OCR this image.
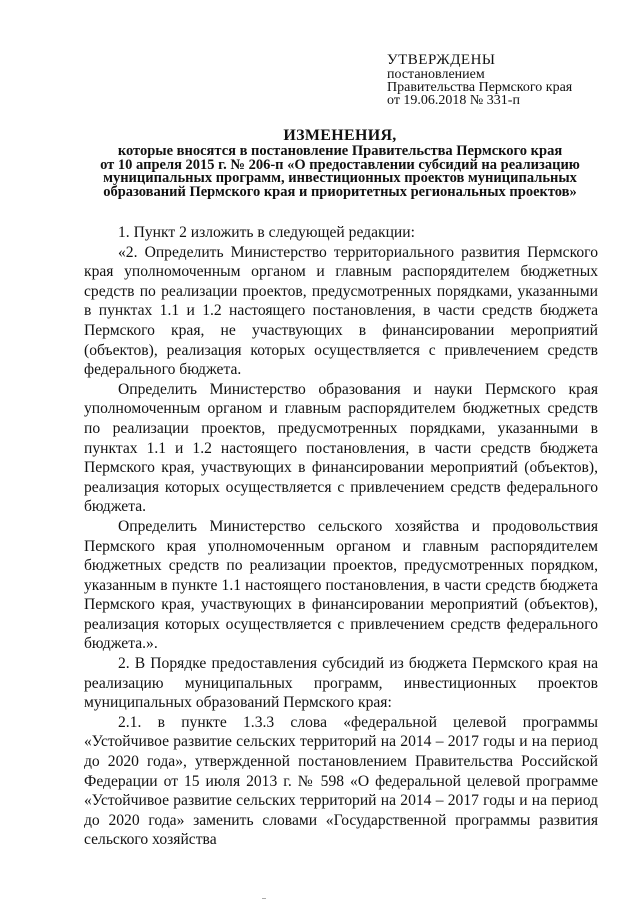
УТВЕРЖДЕНЫ
постановлением
Правительства Пермского края
от 19.06.2018 № 331-п
ИЗМЕНЕНИЯ,
которые вносятся в постановление Правительства Пермского края
от 10 апреля 2015 г. № 206-п «О предоставлении субсидий на реализацию
муниципальных программ, инвестиционных проектов муниципальных
образований Пермского края и приоритетных региональных проектов»

1. Пункт 2 изложить в следующей редакции:

«2. Определить Министерство территориального развития Пермского края уполномоченным органом и главным распорядителем бюджетных средств по реализации проектов, предусмотренных порядками, указанными в пунктах 1.1 и 1.2 настоящего постановления, в части средств бюджета Пермского края, не участвующих в финансировании мероприятий (объектов), реализация которых осуществляется с привлечением средств федерального бюджета.

Определить Министерство образования и науки Пермского края уполномоченным органом и главным распорядителем бюджетных средств по реализации проектов, предусмотренных порядками, указанными в пунктах 1.1 и 1.2 настоящего постановления, в части средств бюджета Пермского края, участвующих в финансировании мероприятий (объектов), реализация которых осуществляется с привлечением средств федерального бюджета.

Определить Министерство сельского хозяйства и продовольствия Пермского края уполномоченным органом и главным распорядителем бюджетных средств по реализации проектов, предусмотренных порядком, указанным в пункте 1.1 настоящего постановления, в части средств бюджета Пермского края, участвующих в финансировании мероприятий (объектов), реализация которых осуществляется с привлечением средств федерального бюджета.».

2. В Порядке предоставления субсидий из бюджета Пермского края на реализацию муниципальных программ, инвестиционных проектов муниципальных образований Пермского края:

2.1. в пункте 1.3.3 слова «федеральной целевой программы «Устойчивое развитие сельских территорий на 2014 – 2017 годы и на период до 2020 года», утвержденной постановлением Правительства Российской Федерации от 15 июля 2013 г. № 598 «О федеральной целевой программе «Устойчивое развитие сельских территорий на 2014 – 2017 годы и на период до 2020 года» заменить словами «Государственной программы развития сельского хозяйства
